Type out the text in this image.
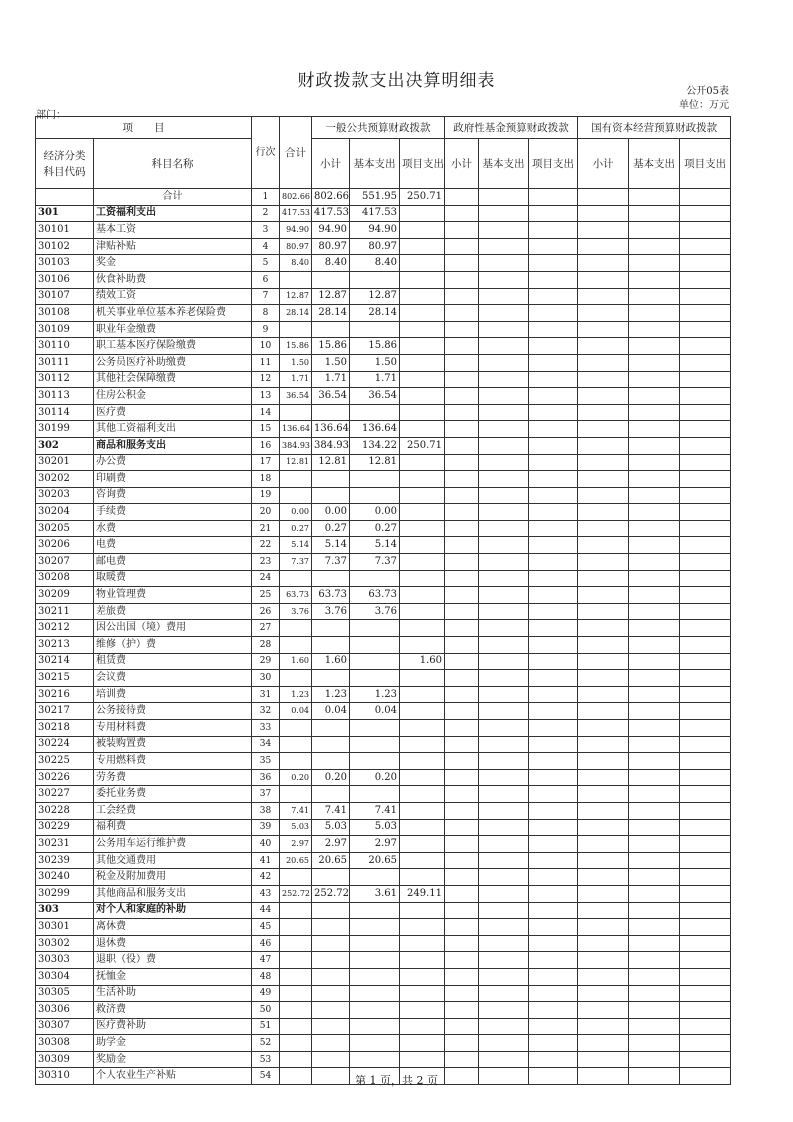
财政拨款支出决算明细表
公开05表
单位：万元
部门：
项　　目		行次	合计	一般公共预算财政拨款			政府性基金预算财政拨款			国有资本经营预算财政拨款		
经济分类
科目代码	科目名称			小计	基本支出	项目支出	小计	基本支出	项目支出	小计	基本支出	项目支出

	合计	1	802.66	802.66	551.95	250.71						
301	工资福利支出	2	417.53	417.53	417.53							
30101	基本工资	3	94.90	94.90	94.90							
30102	津贴补贴	4	80.97	80.97	80.97							
30103	奖金	5	8.40	8.40	8.40							
30106	伙食补助费	6										
30107	绩效工资	7	12.87	12.87	12.87							
30108	机关事业单位基本养老保险费	8	28.14	28.14	28.14							
30109	职业年金缴费	9										
30110	职工基本医疗保险缴费	10	15.86	15.86	15.86							
30111	公务员医疗补助缴费	11	1.50	1.50	1.50							
30112	其他社会保障缴费	12	1.71	1.71	1.71							
30113	住房公积金	13	36.54	36.54	36.54							
30114	医疗费	14										
30199	其他工资福利支出	15	136.64	136.64	136.64							
302	商品和服务支出	16	384.93	384.93	134.22	250.71						
30201	办公费	17	12.81	12.81	12.81							
30202	印刷费	18										
30203	咨询费	19										
30204	手续费	20	0.00	0.00	0.00							
30205	水费	21	0.27	0.27	0.27							
30206	电费	22	5.14	5.14	5.14							
30207	邮电费	23	7.37	7.37	7.37							
30208	取暖费	24										
30209	物业管理费	25	63.73	63.73	63.73							
30211	差旅费	26	3.76	3.76	3.76							
30212	因公出国（境）费用	27										
30213	维修（护）费	28										
30214	租赁费	29	1.60	1.60		1.60						
30215	会议费	30										
30216	培训费	31	1.23	1.23	1.23							
30217	公务接待费	32	0.04	0.04	0.04							
30218	专用材料费	33										
30224	被装购置费	34										
30225	专用燃料费	35										
30226	劳务费	36	0.20	0.20	0.20							
30227	委托业务费	37										
30228	工会经费	38	7.41	7.41	7.41							
30229	福利费	39	5.03	5.03	5.03							
30231	公务用车运行维护费	40	2.97	2.97	2.97							
30239	其他交通费用	41	20.65	20.65	20.65							
30240	税金及附加费用	42										
30299	其他商品和服务支出	43	252.72	252.72	3.61	249.11						
303	对个人和家庭的补助	44										
30301	离休费	45										
30302	退休费	46										
30303	退职（役）费	47										
30304	抚恤金	48										
30305	生活补助	49										
30306	救济费	50										
30307	医疗费补助	51										
30308	助学金	52										
30309	奖励金	53										
30310	个人农业生产补贴	54											第 1 页，共 2 页
